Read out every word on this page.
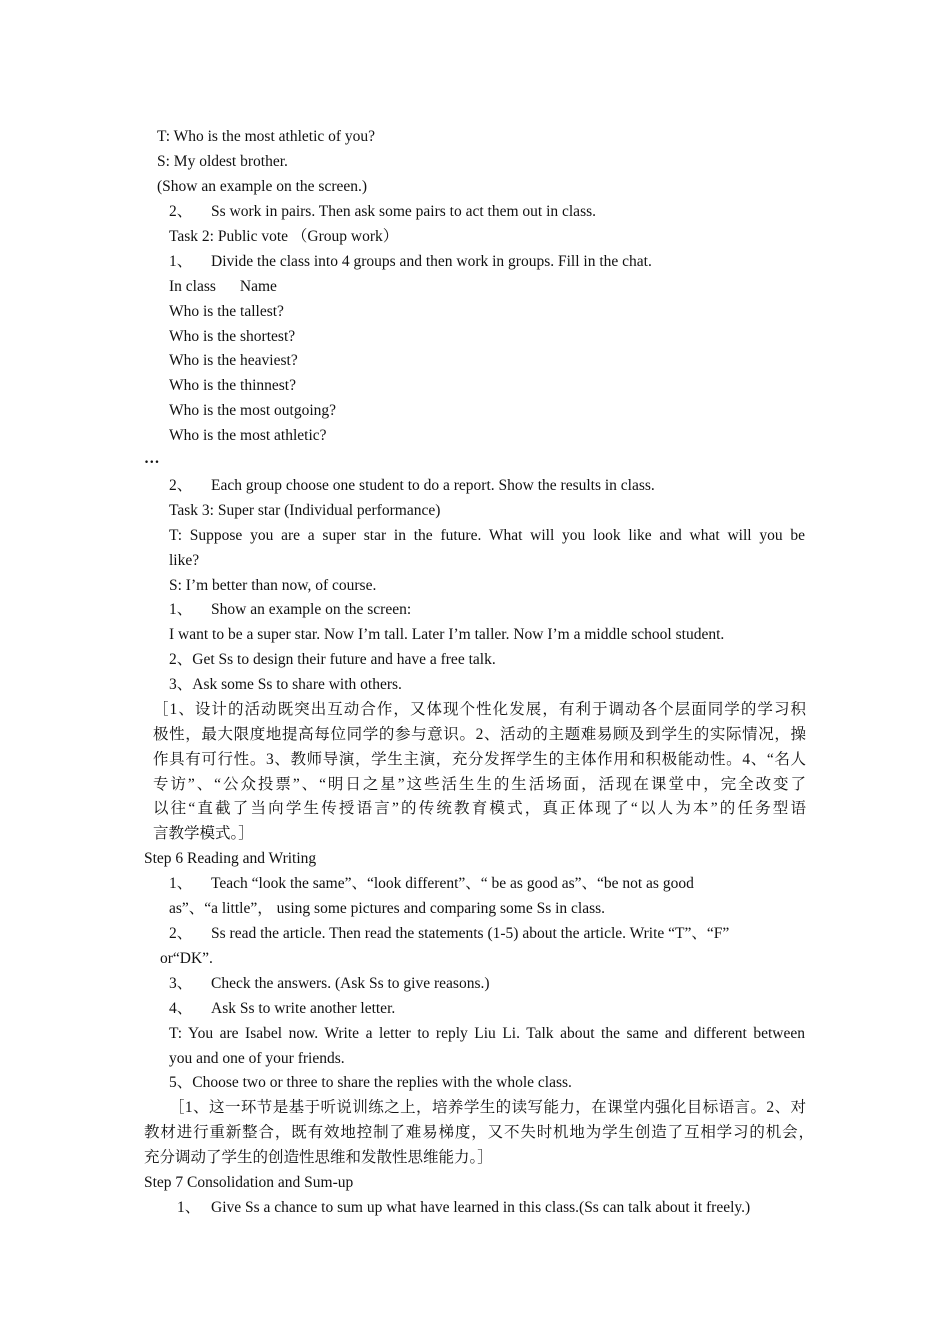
T: Who is the most athletic of you?
S: My oldest brother.
(Show an example on the screen.)
2、 Ss work in pairs. Then ask some pairs to act them out in class.
Task 2: Public vote （Group work）
1、 Divide the class into 4 groups and then work in groups. Fill in the chat.
In class Name
Who is the tallest?
Who is the shortest?
Who is the heaviest?
Who is the thinnest?
Who is the most outgoing?
Who is the most athletic?
…
2、 Each group choose one student to do a report. Show the results in class.
Task 3: Super star (Individual performance)
T: Suppose you are a super star in the future. What will you look like and what will you be
like?
S: I’m better than now, of course.
1、 Show an example on the screen:
I want to be a super star. Now I’m tall. Later I’m taller. Now I’m a middle school student.
2、Get Ss to design their future and have a free talk.
3、Ask some Ss to share with others.
［1、设计的活动既突出互动合作，又体现个性化发展，有利于调动各个层面同学的学习积
极性，最大限度地提高每位同学的参与意识。2、活动的主题难易顾及到学生的实际情况，操
作具有可行性。3、教师导演，学生主演，充分发挥学生的主体作用和积极能动性。4、“名人
专访”、“公众投票”、“明日之星”这些活生生的生活场面，活现在课堂中，完全改变了
以往“直截了当向学生传授语言”的传统教育模式，真正体现了“以人为本”的任务型语
言教学模式。］
Step 6 Reading and Writing
1、 Teach “look the same”、“look different”、“ be as good as”、“be not as good
as”、“a little”， using some pictures and comparing some Ss in class.
2、 Ss read the article. Then read the statements (1-5) about the article. Write “T”、“F”
or“DK”.
3、 Check the answers. (Ask Ss to give reasons.)
4、 Ask Ss to write another letter.
T: You are Isabel now. Write a letter to reply Liu Li. Talk about the same and different between
you and one of your friends.
5、Choose two or three to share the replies with the whole class.
［1、这一环节是基于听说训练之上，培养学生的读写能力，在课堂内强化目标语言。2、对
教材进行重新整合，既有效地控制了难易梯度，又不失时机地为学生创造了互相学习的机会，
充分调动了学生的创造性思维和发散性思维能力。］
Step 7 Consolidation and Sum-up
1、 Give Ss a chance to sum up what have learned in this class.(Ss can talk about it freely.)
